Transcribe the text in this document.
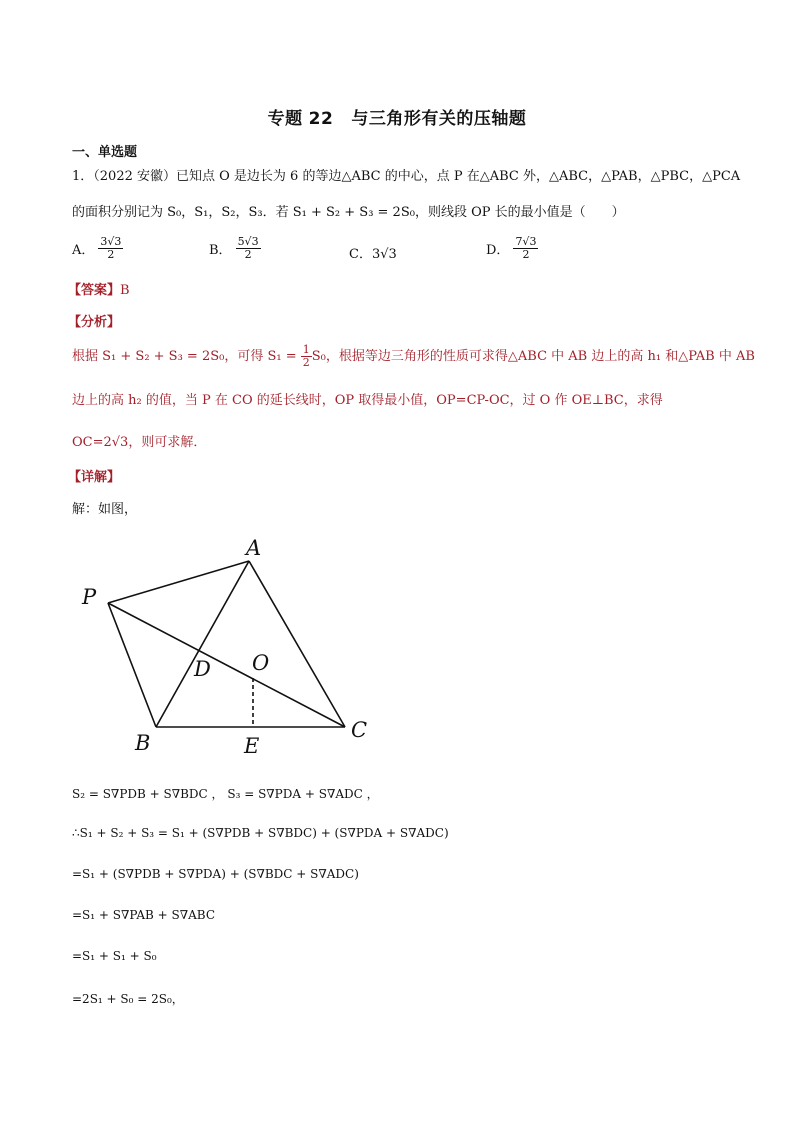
专题 22 与三角形有关的压轴题
一、单选题
1．（2022 安徽）已知点 O 是边长为 6 的等边△ABC 的中心，点 P 在△ABC 外，△ABC，△PAB，△PBC，△PCA
的面积分别记为 S₀，S₁，S₂，S₃．若 S₁ + S₂ + S₃ = 2S₀，则线段 OP 长的最小值是（　　）
A． $\frac{3√3}{2}$	B． $\frac{5√3}{2}$	C．3√3	D． $\frac{7√3}{2}$
【答案】B
【分析】
根据 S₁ + S₂ + S₃ = 2S₀，可得 $S_1 = \frac{1}{2} S_0$，根据等边三角形的性质可求得△ABC 中 AB 边上的高 h₁ 和△PAB 中 AB
边上的高 h₂ 的值，当 P 在 CO 的延长线时，OP 取得最小值，OP=CP-OC，过 O 作 OE⊥BC，求得
OC=2√3，则可求解．
【详解】
解：如图，
A
P
O
D
B	E
C
S₂ = S∇PDB + S∇BDC ， S₃ = S∇PDA + S∇ADC ，
∴S₁ + S₂ + S₃ = S₁ + (S∇PDB + S∇BDC) + (S∇PDA + S∇ADC)
=S₁ + (S∇PDB + S∇PDA) + (S∇BDC + S∇ADC)
=S₁ + S∇PAB + S∇ABC
=S₁ + S₁ + S₀
=2S₁ + S₀ = 2S₀，
